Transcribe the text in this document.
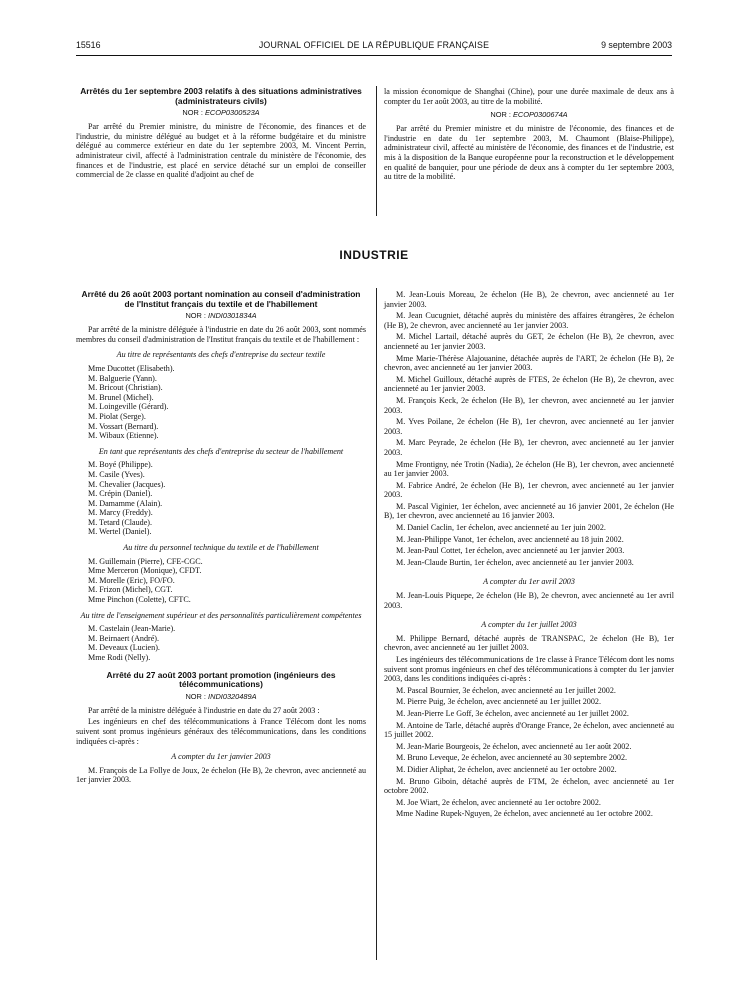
15516	JOURNAL OFFICIEL DE LA RÉPUBLIQUE FRANÇAISE	9 septembre 2003
Arrêtés du 1er septembre 2003 relatifs à des situations administratives (administrateurs civils)
NOR : ECOP0300523A

Par arrêté du Premier ministre, du ministre de l'économie, des finances et de l'industrie, du ministre délégué au budget et à la réforme budgétaire et du ministre délégué au commerce extérieur en date du 1er septembre 2003, M. Vincent Perrin, administrateur civil, affecté à l'administration centrale du ministère de l'économie, des finances et de l'industrie, est placé en service détaché sur un emploi de conseiller commercial de 2e classe en qualité d'adjoint au chef de

la mission économique de Shanghai (Chine), pour une durée maximale de deux ans à compter du 1er août 2003, au titre de la mobilité.

NOR : ECOP0300674A

Par arrêté du Premier ministre et du ministre de l'économie, des finances et de l'industrie en date du 1er septembre 2003, M. Chaumont (Blaise-Philippe), administrateur civil, affecté au ministère de l'économie, des finances et de l'industrie, est mis à la disposition de la Banque européenne pour la reconstruction et le développement en qualité de banquier, pour une période de deux ans à compter du 1er septembre 2003, au titre de la mobilité.

INDUSTRIE
Arrêté du 26 août 2003 portant nomination au conseil d'administration de l'Institut français du textile et de l'habillement
NOR : INDI0301834A

Par arrêté de la ministre déléguée à l'industrie en date du 26 août 2003, sont nommés membres du conseil d'administration de l'Institut français du textile et de l'habillement :

Au titre de représentants des chefs d'entreprise du secteur textile

Mme Ducottet (Elisabeth).

M. Balguerie (Yann).

M. Bricout (Christian).

M. Brunel (Michel).

M. Loingeville (Gérard).

M. Piolat (Serge).

M. Vossart (Bernard).

M. Wibaux (Etienne).

En tant que représentants des chefs d'entreprise du secteur de l'habillement

M. Boyé (Philippe).

M. Casile (Yves).

M. Chevalier (Jacques).

M. Crépin (Daniel).

M. Damamme (Alain).

M. Marcy (Freddy).

M. Tetard (Claude).

M. Wertel (Daniel).

Au titre du personnel technique du textile et de l'habillement

M. Guillemain (Pierre), CFE-CGC.

Mme Merceron (Monique), CFDT.

M. Morelle (Eric), FO/FO.

M. Frizon (Michel), CGT.

Mme Pinchon (Colette), CFTC.

Au titre de l'enseignement supérieur et des personnalités particulièrement compétentes

M. Castelain (Jean-Marie).

M. Beirnaert (André).

M. Deveaux (Lucien).

Mme Rodi (Nelly).

Arrêté du 27 août 2003 portant promotion (ingénieurs des télécommunications)
NOR : INDI0320489A

Par arrêté de la ministre déléguée à l'industrie en date du 27 août 2003 :

Les ingénieurs en chef des télécommunications à France Télécom dont les noms suivent sont promus ingénieurs généraux des télécommunications, dans les conditions indiquées ci-après :

A compter du 1er janvier 2003

M. François de La Follye de Joux, 2e échelon (He B), 2e chevron, avec ancienneté au 1er janvier 2003.

M. Jean-Louis Moreau, 2e échelon (He B), 2e chevron, avec ancienneté au 1er janvier 2003.

M. Jean Cucugniet, détaché auprès du ministère des affaires étrangères, 2e échelon (He B), 2e chevron, avec ancienneté au 1er janvier 2003.

M. Michel Lartail, détaché auprès du GET, 2e échelon (He B), 2e chevron, avec ancienneté au 1er janvier 2003.

Mme Marie-Thérèse Alajouanine, détachée auprès de l'ART, 2e échelon (He B), 2e chevron, avec ancienneté au 1er janvier 2003.

M. Michel Guilloux, détaché auprès de FTES, 2e échelon (He B), 2e chevron, avec ancienneté au 1er janvier 2003.

M. François Keck, 2e échelon (He B), 1er chevron, avec ancienneté au 1er janvier 2003.

M. Yves Poilane, 2e échelon (He B), 1er chevron, avec ancienneté au 1er janvier 2003.

M. Marc Peyrade, 2e échelon (He B), 1er chevron, avec ancienneté au 1er janvier 2003.

Mme Frontigny, née Trotin (Nadia), 2e échelon (He B), 1er chevron, avec ancienneté au 1er janvier 2003.

M. Fabrice André, 2e échelon (He B), 1er chevron, avec ancienneté au 1er janvier 2003.

M. Pascal Viginier, 1er échelon, avec ancienneté au 16 janvier 2001, 2e échelon (He B), 1er chevron, avec ancienneté au 16 janvier 2003.

M. Daniel Caclin, 1er échelon, avec ancienneté au 1er juin 2002.

M. Jean-Philippe Vanot, 1er échelon, avec ancienneté au 18 juin 2002.

M. Jean-Paul Cottet, 1er échelon, avec ancienneté au 1er janvier 2003.

M. Jean-Claude Burtin, 1er échelon, avec ancienneté au 1er janvier 2003.

A compter du 1er avril 2003

M. Jean-Louis Piquepe, 2e échelon (He B), 2e chevron, avec ancienneté au 1er avril 2003.

A compter du 1er juillet 2003

M. Philippe Bernard, détaché auprès de TRANSPAC, 2e échelon (He B), 1er chevron, avec ancienneté au 1er juillet 2003.

Les ingénieurs des télécommunications de 1re classe à France Télécom dont les noms suivent sont promus ingénieurs en chef des télécommunications à compter du 1er janvier 2003, dans les conditions indiquées ci-après :

M. Pascal Bournier, 3e échelon, avec ancienneté au 1er juillet 2002.

M. Pierre Puig, 3e échelon, avec ancienneté au 1er juillet 2002.

M. Jean-Pierre Le Goff, 3e échelon, avec ancienneté au 1er juillet 2002.

M. Antoine de Tarle, détaché auprès d'Orange France, 2e échelon, avec ancienneté au 15 juillet 2002.

M. Jean-Marie Bourgeois, 2e échelon, avec ancienneté au 1er août 2002.

M. Bruno Leveque, 2e échelon, avec ancienneté au 30 septembre 2002.

M. Didier Aliphat, 2e échelon, avec ancienneté au 1er octobre 2002.

M. Bruno Giboin, détaché auprès de FTM, 2e échelon, avec ancienneté au 1er octobre 2002.

M. Joe Wiart, 2e échelon, avec ancienneté au 1er octobre 2002.

Mme Nadine Rupek-Nguyen, 2e échelon, avec ancienneté au 1er octobre 2002.
